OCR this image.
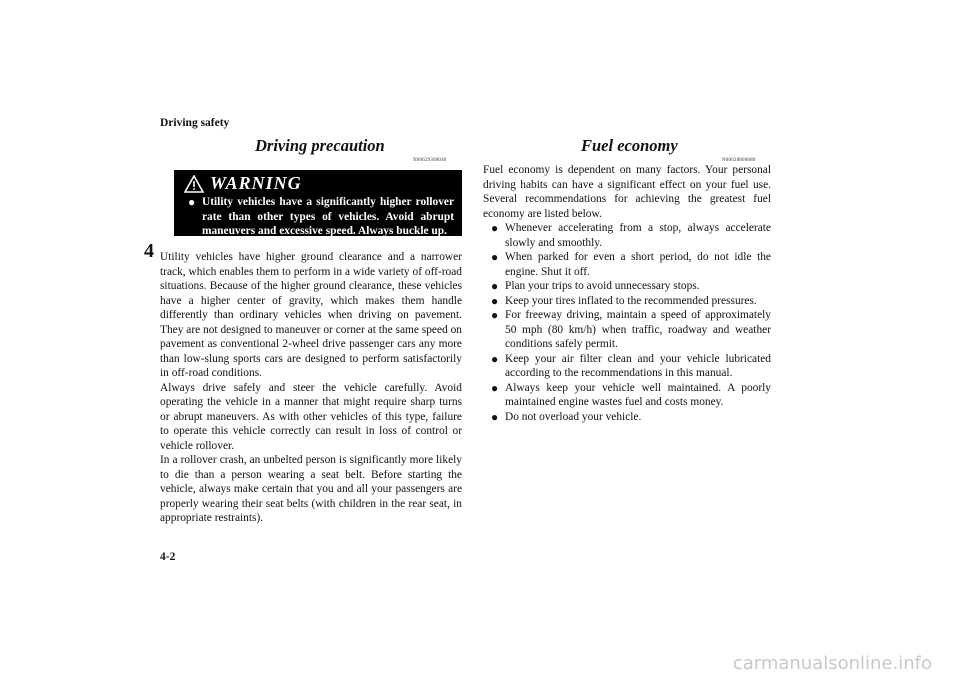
Driving safety
4
Driving precaution
N00629300040
WARNING
● Utility vehicles have a significantly higher rollover rate than other types of vehicles. Avoid abrupt maneuvers and excessive speed. Always buckle up.
Utility vehicles have higher ground clearance and a narrower track, which enables them to perform in a wide variety of off-road situations. Because of the higher ground clearance, these vehicles have a higher center of gravity, which makes them handle differently than ordinary vehicles when driving on pavement. They are not designed to maneuver or corner at the same speed on pavement as conventional 2-wheel drive passenger cars any more than low-slung sports cars are designed to perform satisfactorily in off-road conditions.
Always drive safely and steer the vehicle carefully. Avoid operating the vehicle in a manner that might require sharp turns or abrupt maneuvers. As with other vehicles of this type, failure to operate this vehicle correctly can result in loss of control or vehicle rollover.
In a rollover crash, an unbelted person is significantly more likely to die than a person wearing a seat belt. Before starting the vehicle, always make certain that you and all your passengers are properly wearing their seat belts (with children in the rear seat, in appropriate restraints).
Fuel economy
N00628800080
Fuel economy is dependent on many factors. Your personal driving habits can have a significant effect on your fuel use. Several recommendations for achieving the greatest fuel economy are listed below.
● Whenever accelerating from a stop, always accelerate slowly and smoothly.
● When parked for even a short period, do not idle the engine. Shut it off.
● Plan your trips to avoid unnecessary stops.
● Keep your tires inflated to the recommended pressures.
● For freeway driving, maintain a speed of approximately 50 mph (80 km/h) when traffic, roadway and weather conditions safely permit.
● Keep your air filter clean and your vehicle lubricated according to the recommendations in this manual.
● Always keep your vehicle well maintained. A poorly maintained engine wastes fuel and costs money.
● Do not overload your vehicle.
4-2
carmanualsonline.info
